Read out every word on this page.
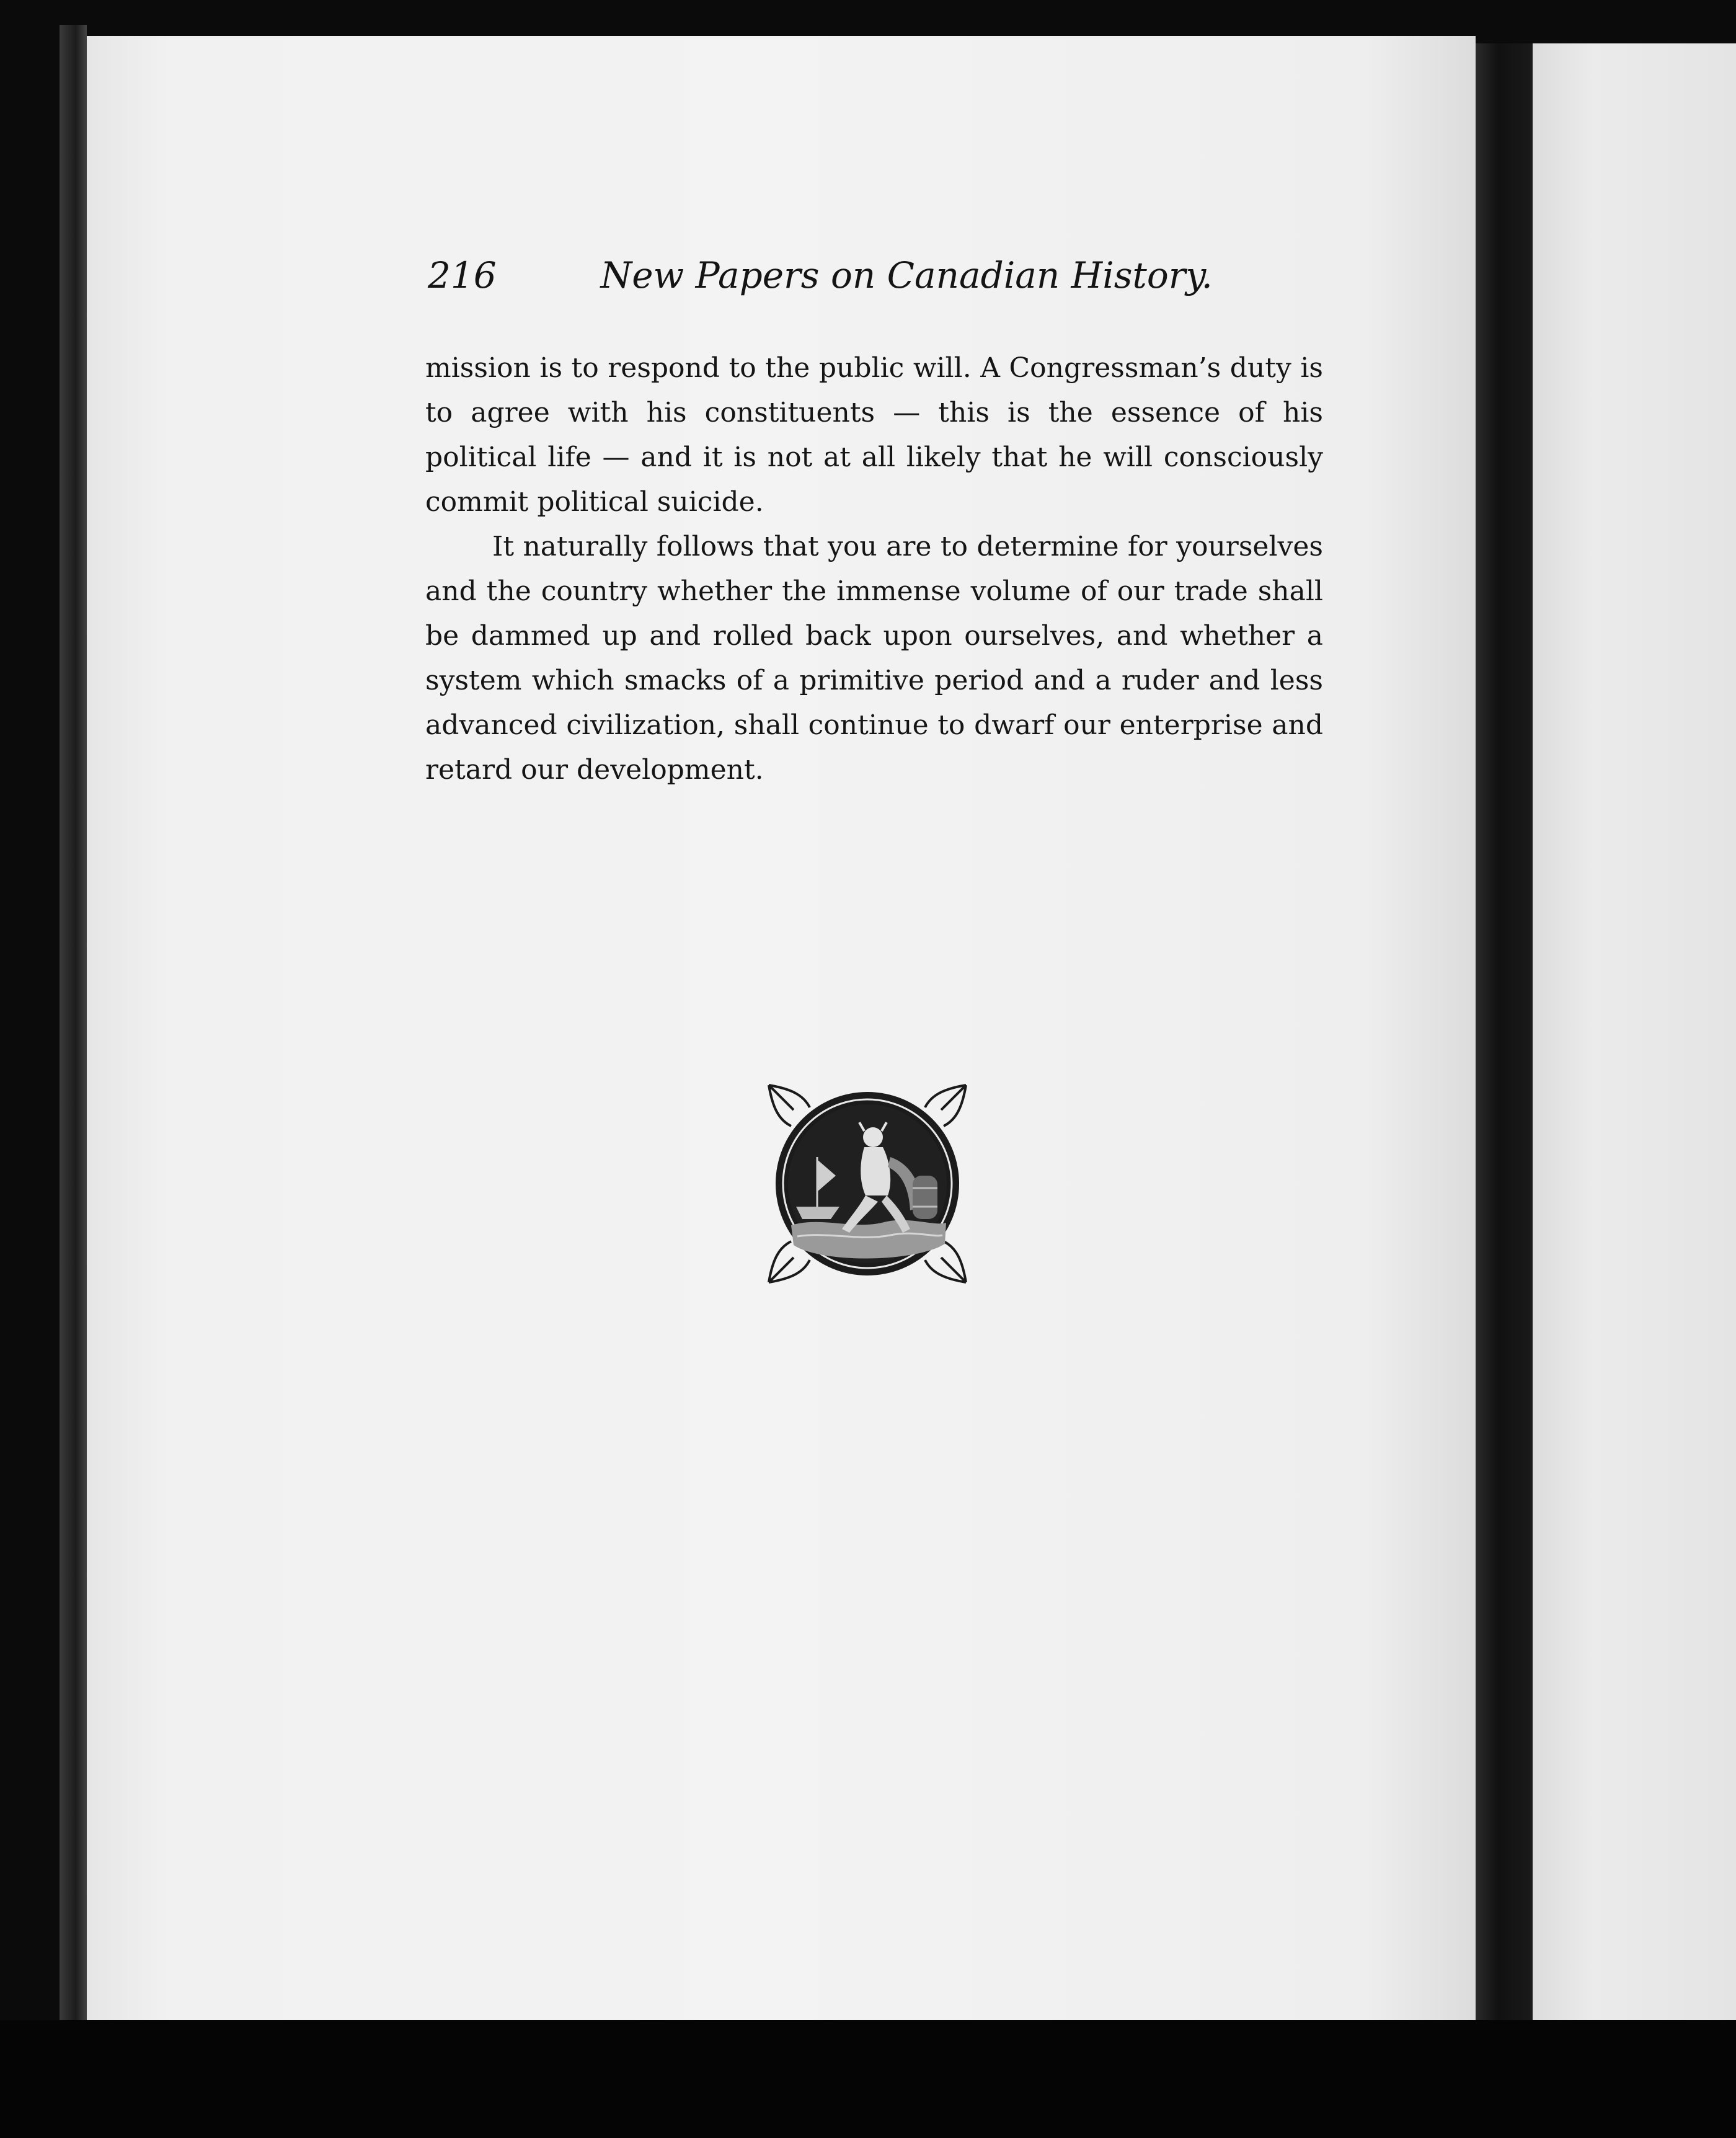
216	New Papers on Canadian History.

mission is to respond to the public will. A Congressman’s duty is to agree with his constituents — this is the essence of his political life — and it is not at all likely that he will consciously commit political suicide.

It naturally follows that you are to determine for yourselves and the country whether the immense volume of our trade shall be dammed up and rolled back upon ourselves, and whether a system which smacks of a primitive period and a ruder and less advanced civilization, shall continue to dwarf our enterprise and retard our development.
